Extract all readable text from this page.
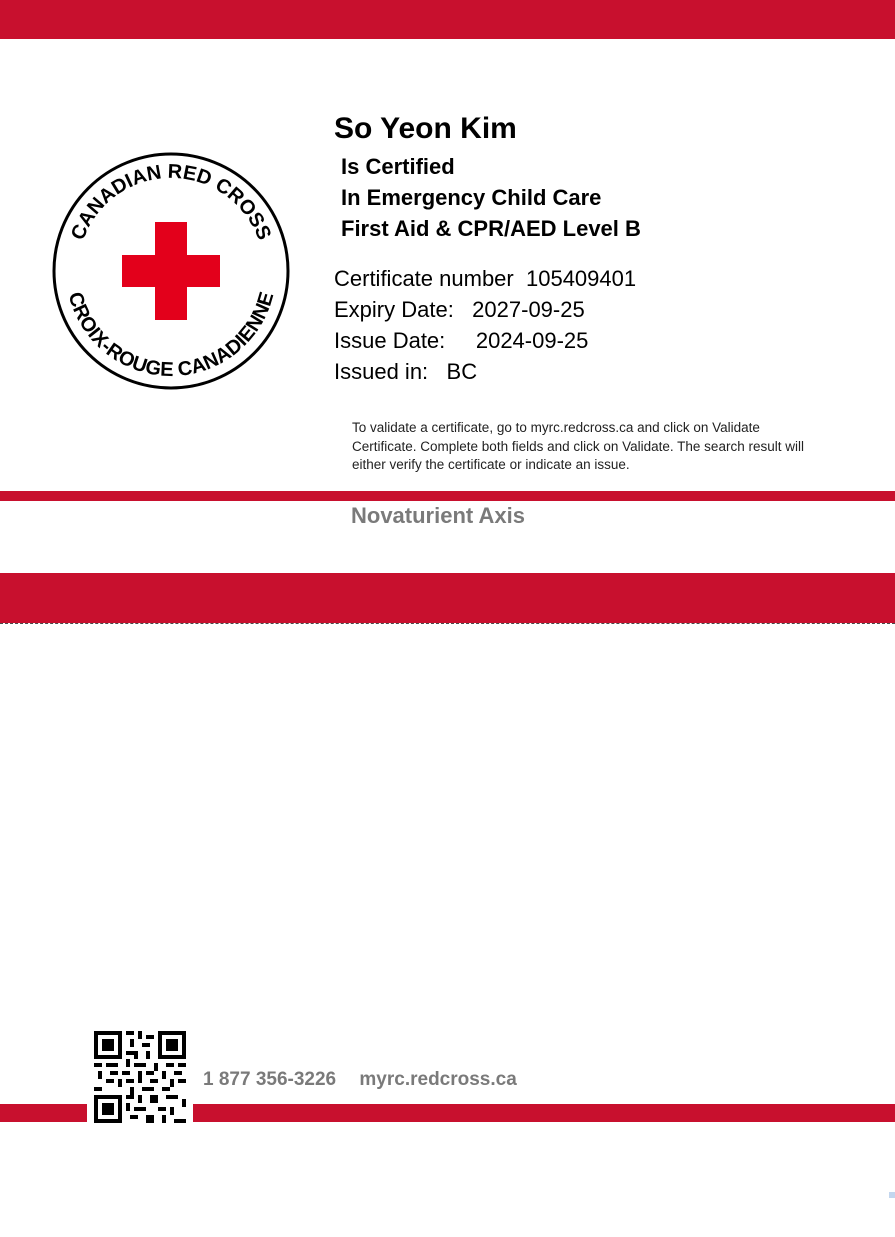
CANADIAN RED CROSS
CROIX-ROUGE CANADIENNE
So Yeon Kim
Is Certified
In Emergency Child Care
First Aid & CPR/AED Level B
Certificate number 105409401
Expiry Date: 2027-09-25
Issue Date: 2024-09-25
Issued in: BC
To validate a certificate, go to myrc.redcross.ca and click on Validate Certificate. Complete both fields and click on Validate. The search result will either verify the certificate or indicate an issue.
Novaturient Axis
1 877 356-3226 myrc.redcross.ca
